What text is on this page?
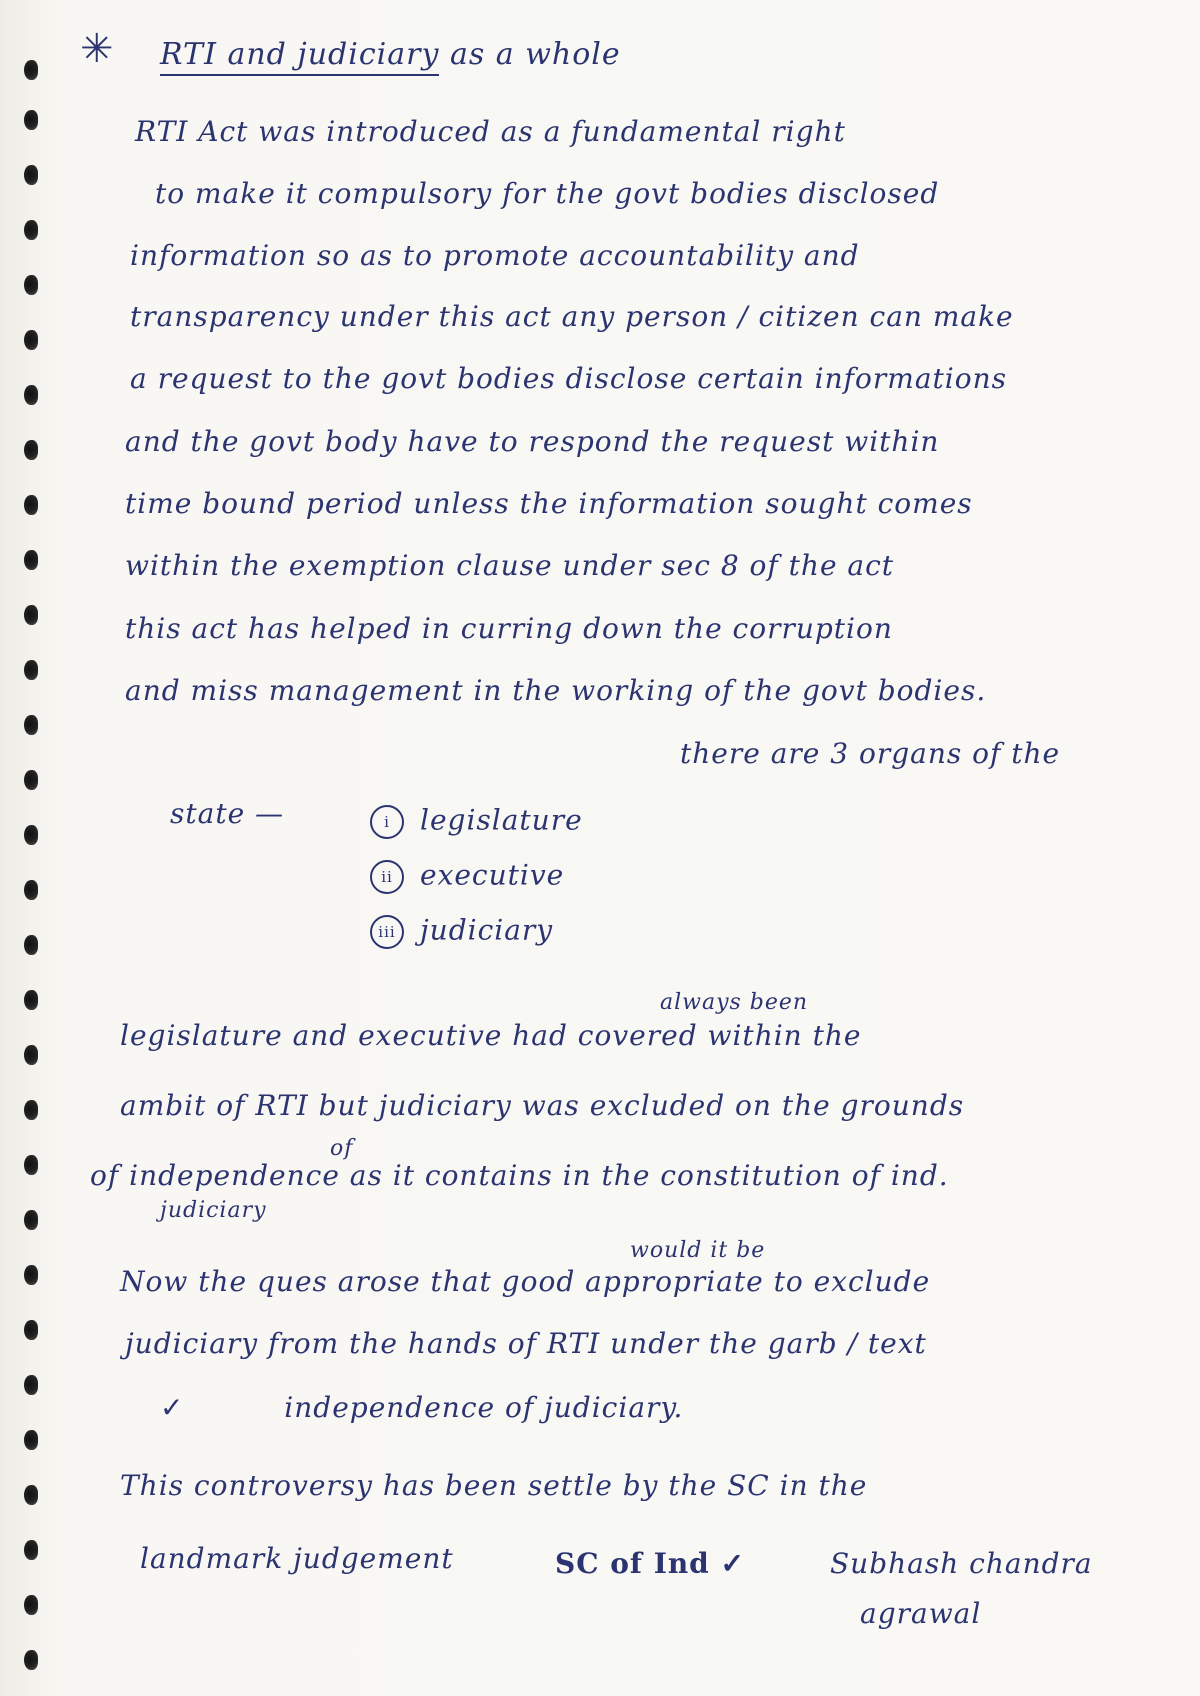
✳ RTI and judiciary as a whole
RTI Act was introduced as a fundamental right
to make it compulsory for the govt bodies disclosed
information so as to promote accountability and
transparency under this act any person / citizen can make
a request to the govt bodies disclose certain informations
and the govt body have to respond the request within
time bound period unless the information sought comes
within the exemption clause under sec 8 of the act
this act has helped in curring down the corruption
and miss management in the working of the govt bodies.
there are 3 organs of the
state —	i legislature
ii executive
iii judiciary
always been
legislature and executive had covered within the
ambit of RTI but judiciary was excluded on the grounds
of
of independence as it contains in the constitution of ind.
judiciary
would it be
Now the ques arose that good appropriate to exclude
judiciary from the hands of RTI under the garb / text
✓	independence of judiciary.
This controversy has been settle by the SC in the
landmark judgement	SC of Ind ✓	Subhash chandra
agrawal
